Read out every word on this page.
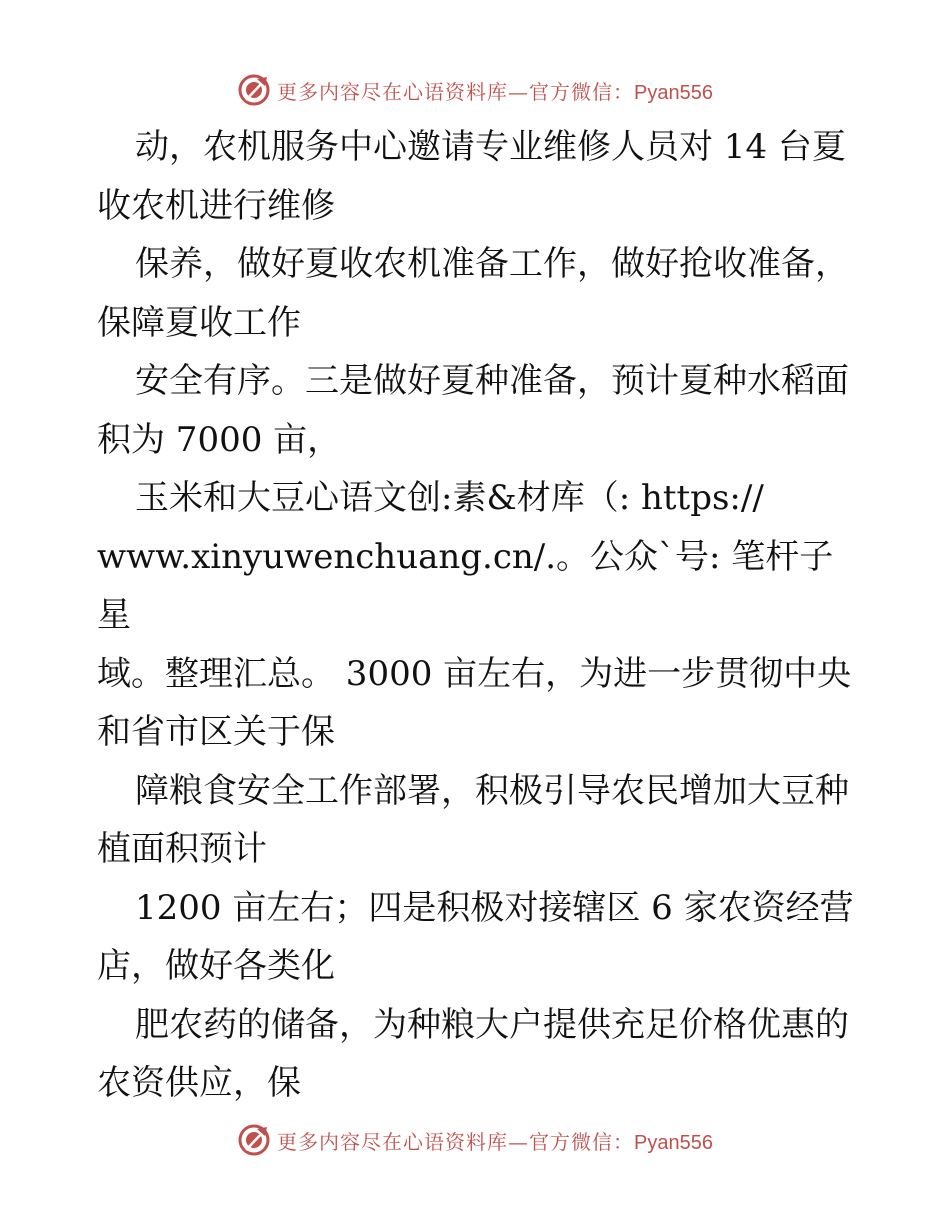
更多内容尽在心语资料库—官方微信：Pyan556

动，农机服务中心邀请专业维修人员对 14 台夏
收农机进行维修

保养，做好夏收农机准备工作，做好抢收准备，
保障夏收工作

安全有序。三是做好夏种准备，预计夏种水稻面
积为 7000 亩，

玉米和大豆心语文创:素&材库（: https://
www.xinyuwenchuang.cn/.。公众`号: 笔杆子星
域。整理汇总。 3000 亩左右，为进一步贯彻中央
和省市区关于保

障粮食安全工作部署，积极引导农民增加大豆种
植面积预计

1200 亩左右；四是积极对接辖区 6 家农资经营
店，做好各类化

肥农药的储备，为种粮大户提供充足价格优惠的
农资供应，保

更多内容尽在心语资料库—官方微信：Pyan556
